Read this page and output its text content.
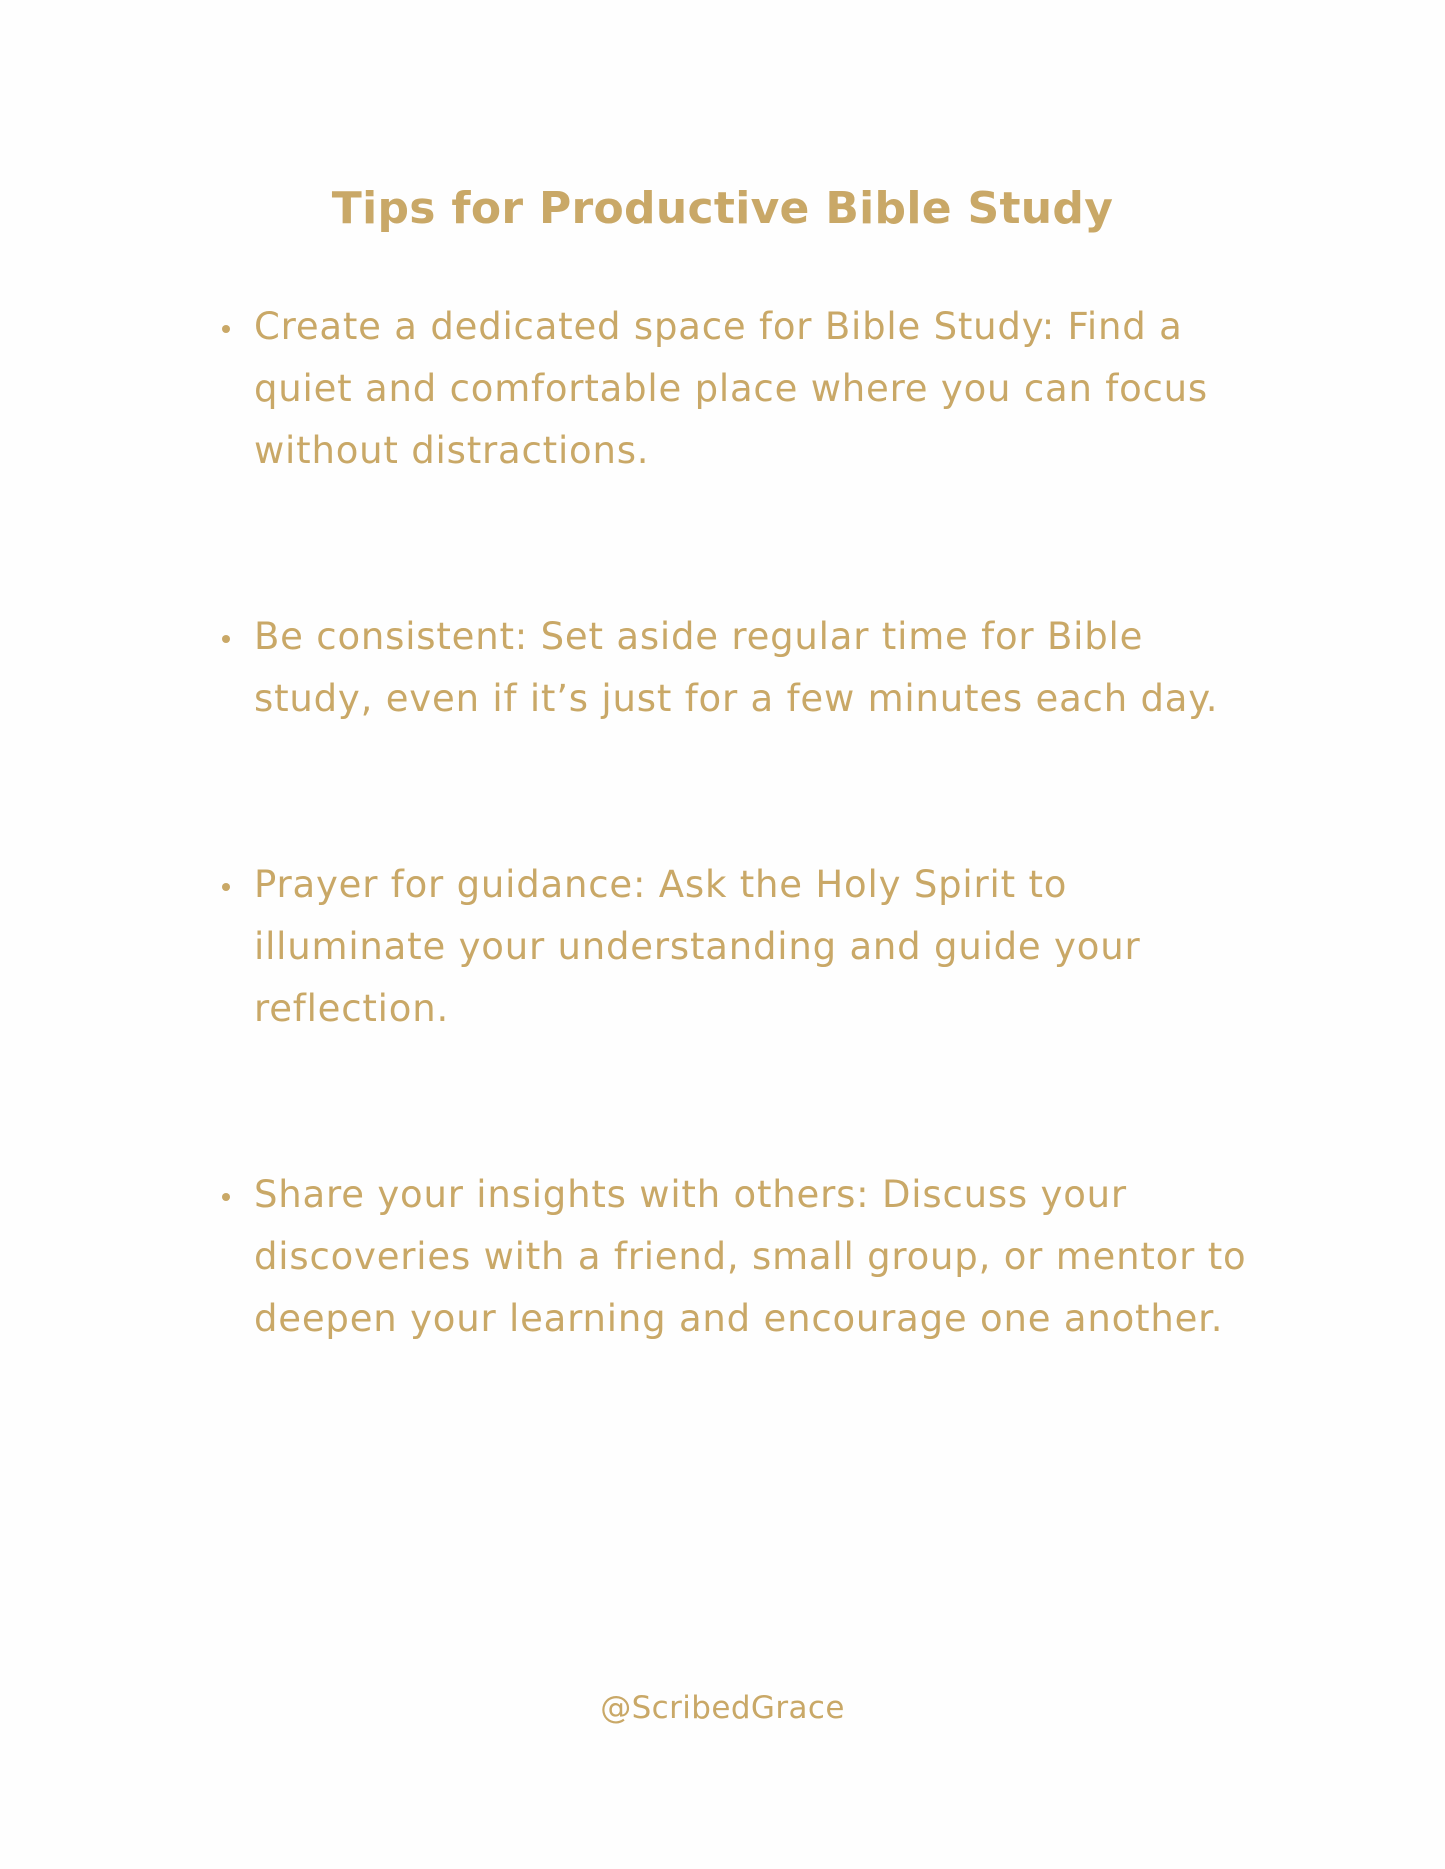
Tips for Productive Bible Study
Create a dedicated space for Bible Study: Find a quiet and comfortable place where you can focus without distractions.
Be consistent: Set aside regular time for Bible study, even if it’s just for a few minutes each day.
Prayer for guidance: Ask the Holy Spirit to illuminate your understanding and guide your reflection.
Share your insights with others: Discuss your discoveries with a friend, small group, or mentor to deepen your learning and encourage one another.
@ScribedGrace
